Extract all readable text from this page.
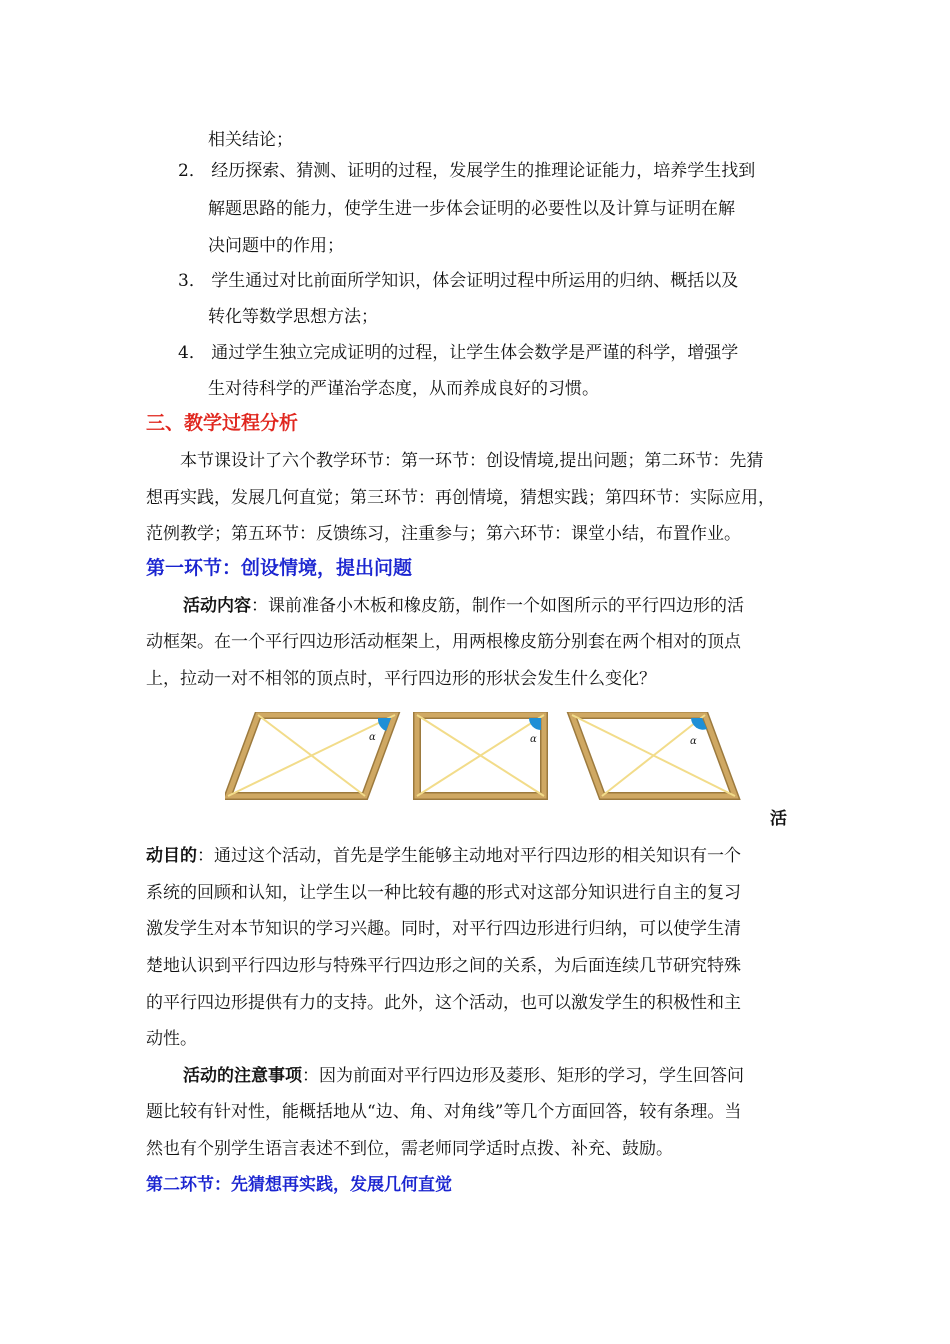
相关结论；
2． 经历探索、猜测、证明的过程，发展学生的推理论证能力，培养学生找到
解题思路的能力，使学生进一步体会证明的必要性以及计算与证明在解
决问题中的作用；
3． 学生通过对比前面所学知识，体会证明过程中所运用的归纳、概括以及
转化等数学思想方法；
4． 通过学生独立完成证明的过程，让学生体会数学是严谨的科学，增强学
生对待科学的严谨治学态度，从而养成良好的习惯。
三、教学过程分析
本节课设计了六个教学环节：第一环节：创设情境,提出问题；第二环节：先猜
想再实践，发展几何直觉；第三环节：再创情境，猜想实践；第四环节：实际应用，
范例教学；第五环节：反馈练习，注重参与；第六环节：课堂小结，布置作业。
第一环节：创设情境，提出问题
活动内容：课前准备小木板和橡皮筋，制作一个如图所示的平行四边形的活
动框架。在一个平行四边形活动框架上，用两根橡皮筋分别套在两个相对的顶点
上，拉动一对不相邻的顶点时，平行四边形的形状会发生什么变化？
α	α	α
活
动目的：通过这个活动，首先是学生能够主动地对平行四边形的相关知识有一个
系统的回顾和认知，让学生以一种比较有趣的形式对这部分知识进行自主的复习
激发学生对本节知识的学习兴趣。同时，对平行四边形进行归纳，可以使学生清
楚地认识到平行四边形与特殊平行四边形之间的关系，为后面连续几节研究特殊
的平行四边形提供有力的支持。此外，这个活动，也可以激发学生的积极性和主
动性。
活动的注意事项：因为前面对平行四边形及菱形、矩形的学习，学生回答问
题比较有针对性，能概括地从“边、角、对角线”等几个方面回答，较有条理。当
然也有个别学生语言表述不到位，需老师同学适时点拨、补充、鼓励。
第二环节：先猜想再实践，发展几何直觉
